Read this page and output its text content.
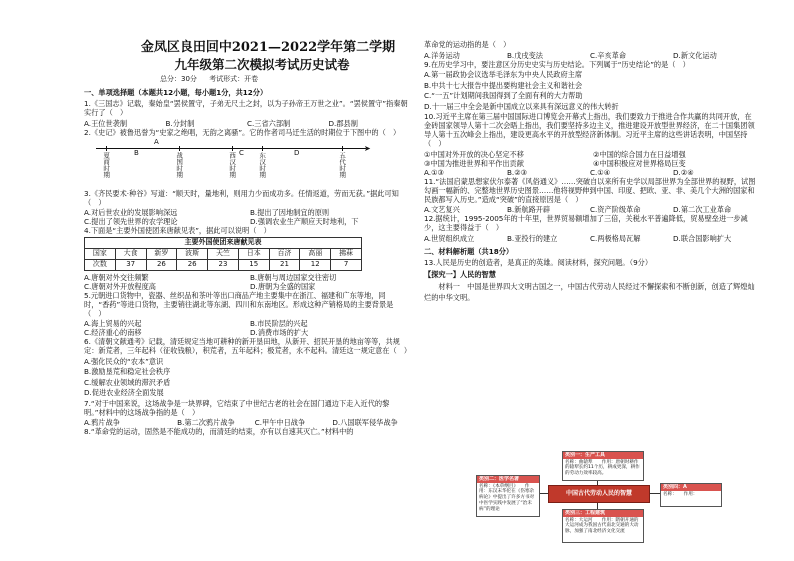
金凤区良田回中2021—2022学年第二学期
九年级第二次模拟考试历史试卷
总分：30分 考试形式：开卷
一、单项选择题（本题共12小题，每小题1分，共12分）

1.《三国志》记载，秦始皇“罢侯置守，子弟无尺土之封，以为子孙帝王万世之业”。“罢侯置守”指秦朝实行了（　）

A.王位世袭制	B.分封制	C.三省六部制	D.郡县制

2.《史记》被鲁迅誉为“史家之绝唱，无韵之离骚”。它的作者司马迁生活的时期位于下图中的（　）

➤
A
B	C	D
夏商时期	战国时期	西汉时期	东汉时期	五代时期

3.《齐民要术·种谷》写道：“顺天时，量地利，则用力少而成功多。任情返道，劳而无获。”据此可知（　）

A.对后世农业的发展影响深远	B.提出了因地制宜的原则
C.提出了领先世界的农学理论	D.强调农业生产顺应天时地利，下

4.下面是“主要外国使团来唐献见表”，据此可以说明（　）

主要外国使团来唐献见表								
国家	大食	新罗	波斯	天竺	日本	百济	高丽	拂菻
次数	37	26	26	23	15	21	12	7
A.唐朝对外交往频繁	B.唐朝与周边国家交往密切
C.唐朝对外开放程度高	D.唐朝为全盛的国家

5.元朝进口货物中，瓷器、丝织品和茶叶等出口商品产地主要集中在浙江、福建和广东等地，同时，“香药”等进口货物，主要销往湖北等东湖、四川和东南地区。形成这种产销格局的主要背景是（　）

A.海上贸易的兴起	B.市民阶层的兴起
C.经济重心的南移	D.消费市场的扩大

6.《清朝文献通考》记载，清廷规定当地可耕种的新开垦田地，从新开、招民开垦的地亩等等，共规定：新荒者，三年起科（征收钱粮），积荒者，五年起科；极荒者，永不起科。清廷这一规定意在（　）

A.强化民众的“农本”意识

B.激励垦荒和稳定社会秩序

C.缓解农业领域的滞沢矛盾

D.促进农业经济全面发展

7.“对于中国来说，这场战争是一块界碑，它结束了中世纪古老的社会在国门通边下走入近代的黎明。”材料中的这场战争指的是（　）

A.鸦片战争	B.第二次鸦片战争	C.甲午中日战争	D.八国联军侵华战争

8.“革命党的运动，固然是不能成功的，而清廷的结束，亦有以自速其灭亡。”材料中的

革命党的运动指的是（　）

A.洋务运动	B.戊戌变法	C.辛亥革命	D.新文化运动

9.在历史学习中，要注意区分历史史实与历史结论。下列属于“历史结论”的是（　）

A.第一届政协会议选举毛泽东为中央人民政府主席

B.中共十七大报告中提出要构建社会主义和谐社会

C.“一五”计划期间我国得到了全面有利的大力帮助

D.十一届三中全会是新中国成立以来具有深远意义的伟大转折

10.习近平主席在第三届中国国际进口博览会开幕式上指出，我们要致力于推进合作共赢的共同开放，在金砖国家领导人第十二次会晤上指出，我们要坚持多边主义，推进建设开放型世界经济，在二十国集团领导人第十五次峰会上指出，建设更高水平的开放型经济新体制。习近平主席的这些讲话表明，中国坚持（　）

①中国对外开放的决心坚定不移	②中国的综合国力在日益增强
③中国为推进世界和平作出贡献	④中国积极应对世界格局巨变
A.①③	B.②③	C.①④	D.②④

11.“法国启蒙思想家伏尔泰著《风俗通义》……突破自以来所有史学以局部世界为全部世界的视野，试图勾画一幅新的、完整地世界历史图景……他将视野伸到中国、印度、把欧、亚、非、美几个大洲的国家和民族都写入历史。”造成“突破”的直接原因是（　）

A.文艺复兴	B.新航路开辟	C.资产阶级革命	D.第二次工业革命

12.据统计，1995-2005年的十年里，世界贸易额增加了三倍，关税水平普遍降低，贸易壁垒进一步减少，这主要得益于（　）

A.世贸组织成立	B.亚投行的建立	C.两极格局瓦解	D.联合国影响扩大
二、材料解析题（共18分）

13.人民是历史的创造者，是真正的英雄。阅读材料，探究问题。（9分）

【探究一】人民的智慧

材料一　中国是世界四大文明古国之一，中国古代劳动人民经过不懈探索和不断创新，创造了辉煌灿烂的中华文明。

类别一：生产工具
名称：曲辕犁　　作用：唐朝时耕作的辕犁长约11个历，耕成更深，耕作的劳动力效率较高。
类别二：医学名著
名称：《本草纲目》　　作用：东汉末华佗在《伤寒杂病论》中提出了许多方书对中医学实践中发展了“治未病”的理论
中国古代劳动人民的智慧
类别四：A
名称：　　作用：
类别三：工程建筑
名称：大运河　　作用：隋朝开通的大运河成为我国古代南北交通的大动脉，加强了南北经济文化交流
